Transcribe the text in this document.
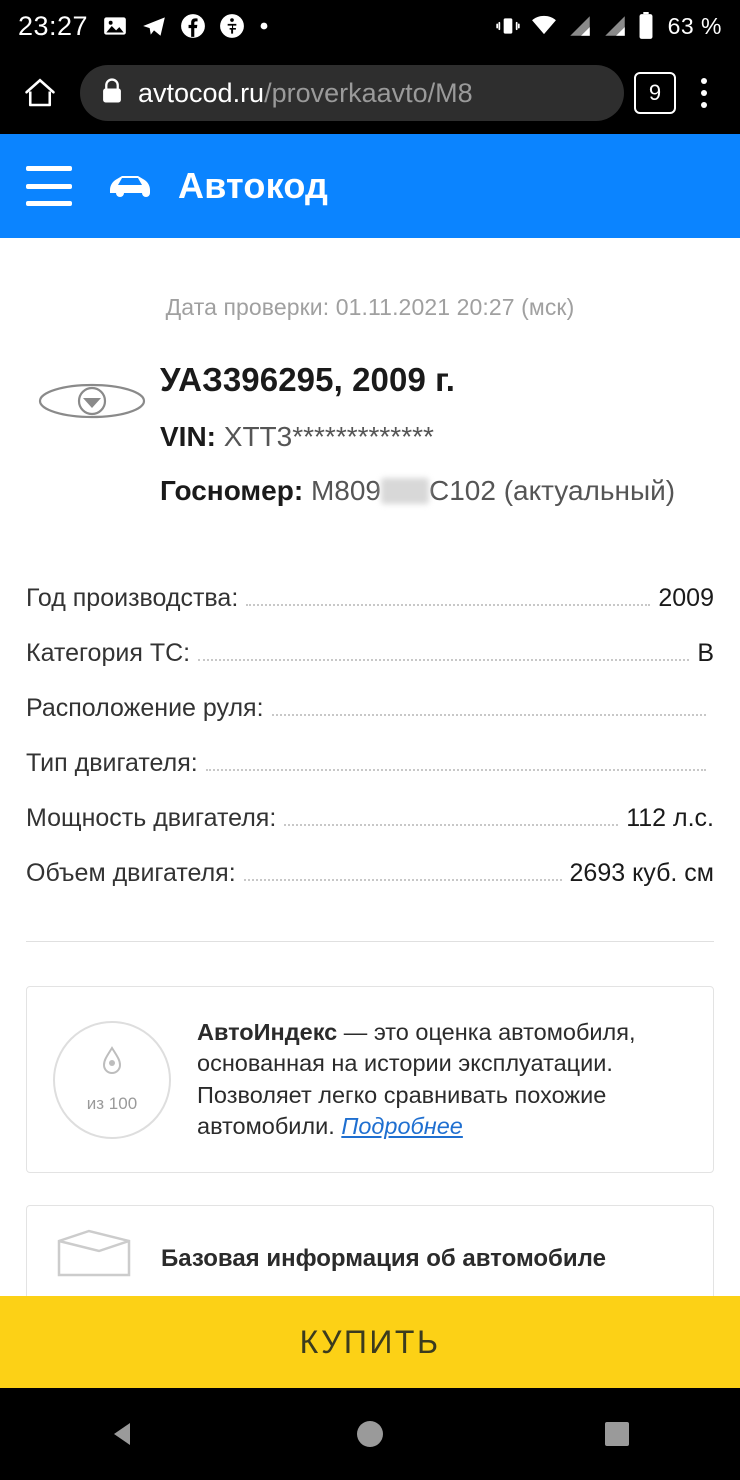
23:27	63 %
avtocod.ru/proverkaavto/M8	9
Автокод
Дата проверки: 01.11.2021 20:27 (мск)
УАЗ396295, 2009 г.
VIN: XTT3*************
Госномер: M809 C102 (актуальный)
Год производства:	2009
Категория ТС:	B
Расположение руля:
Тип двигателя:
Мощность двигателя:	112 л.с.
Объем двигателя:	2693 куб. см
из 100
АвтоИндекс — это оценка автомобиля, основанная на истории эксплуатации. Позволяет легко сравнивать похожие автомобили. Подробнее
Базовая информация об автомобиле
КУПИТЬ
